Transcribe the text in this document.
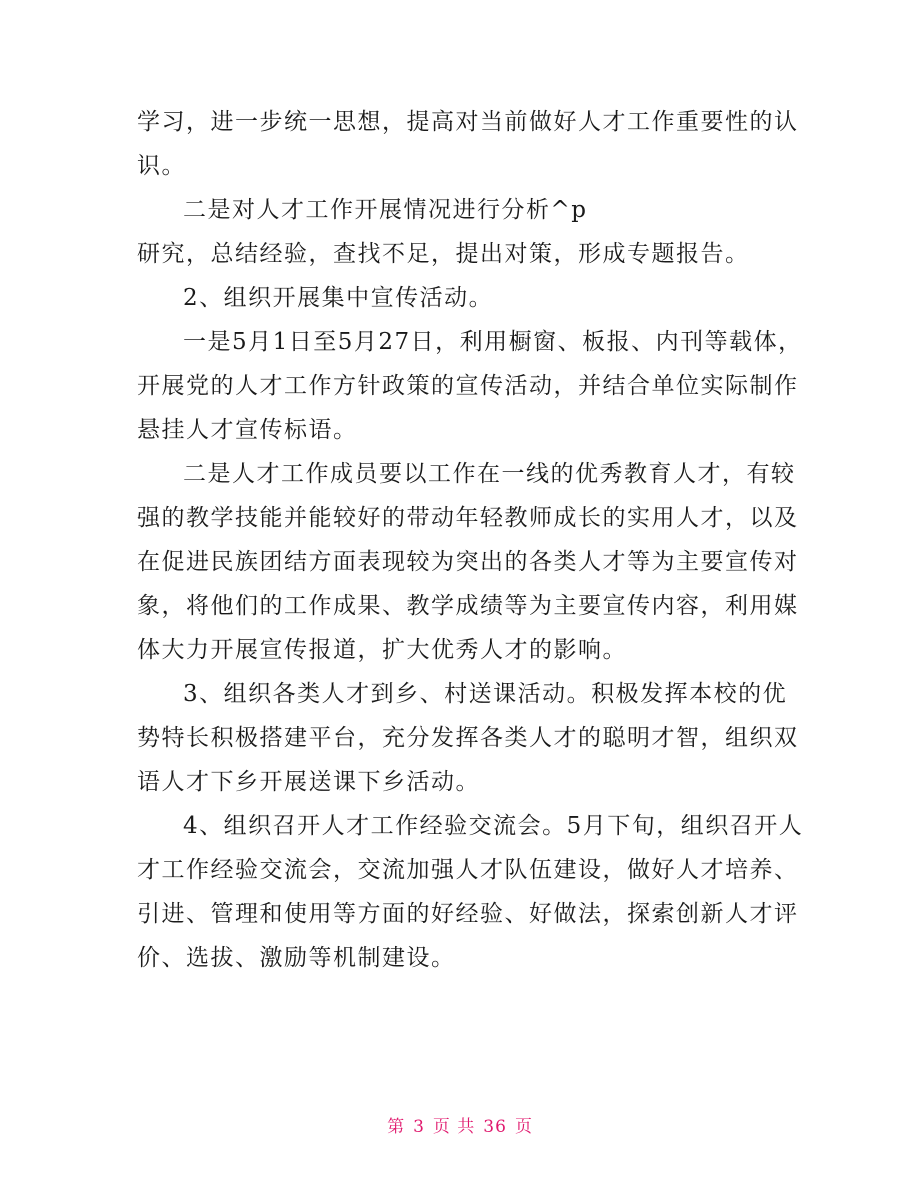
学习，进一步统一思想，提高对当前做好人才工作重要性的认
识。
二是对人才工作开展情况进行分析^p
研究，总结经验，查找不足，提出对策，形成专题报告。
2、组织开展集中宣传活动。
一是5月1日至5月27日，利用橱窗、板报、内刊等载体，
开展党的人才工作方针政策的宣传活动，并结合单位实际制作
悬挂人才宣传标语。
二是人才工作成员要以工作在一线的优秀教育人才，有较
强的教学技能并能较好的带动年轻教师成长的实用人才，以及
在促进民族团结方面表现较为突出的各类人才等为主要宣传对
象，将他们的工作成果、教学成绩等为主要宣传内容，利用媒
体大力开展宣传报道，扩大优秀人才的影响。
3、组织各类人才到乡、村送课活动。积极发挥本校的优
势特长积极搭建平台，充分发挥各类人才的聪明才智，组织双
语人才下乡开展送课下乡活动。
4、组织召开人才工作经验交流会。5月下旬，组织召开人
才工作经验交流会，交流加强人才队伍建设，做好人才培养、
引进、管理和使用等方面的好经验、好做法，探索创新人才评
价、选拔、激励等机制建设。
第 3 页 共 36 页
